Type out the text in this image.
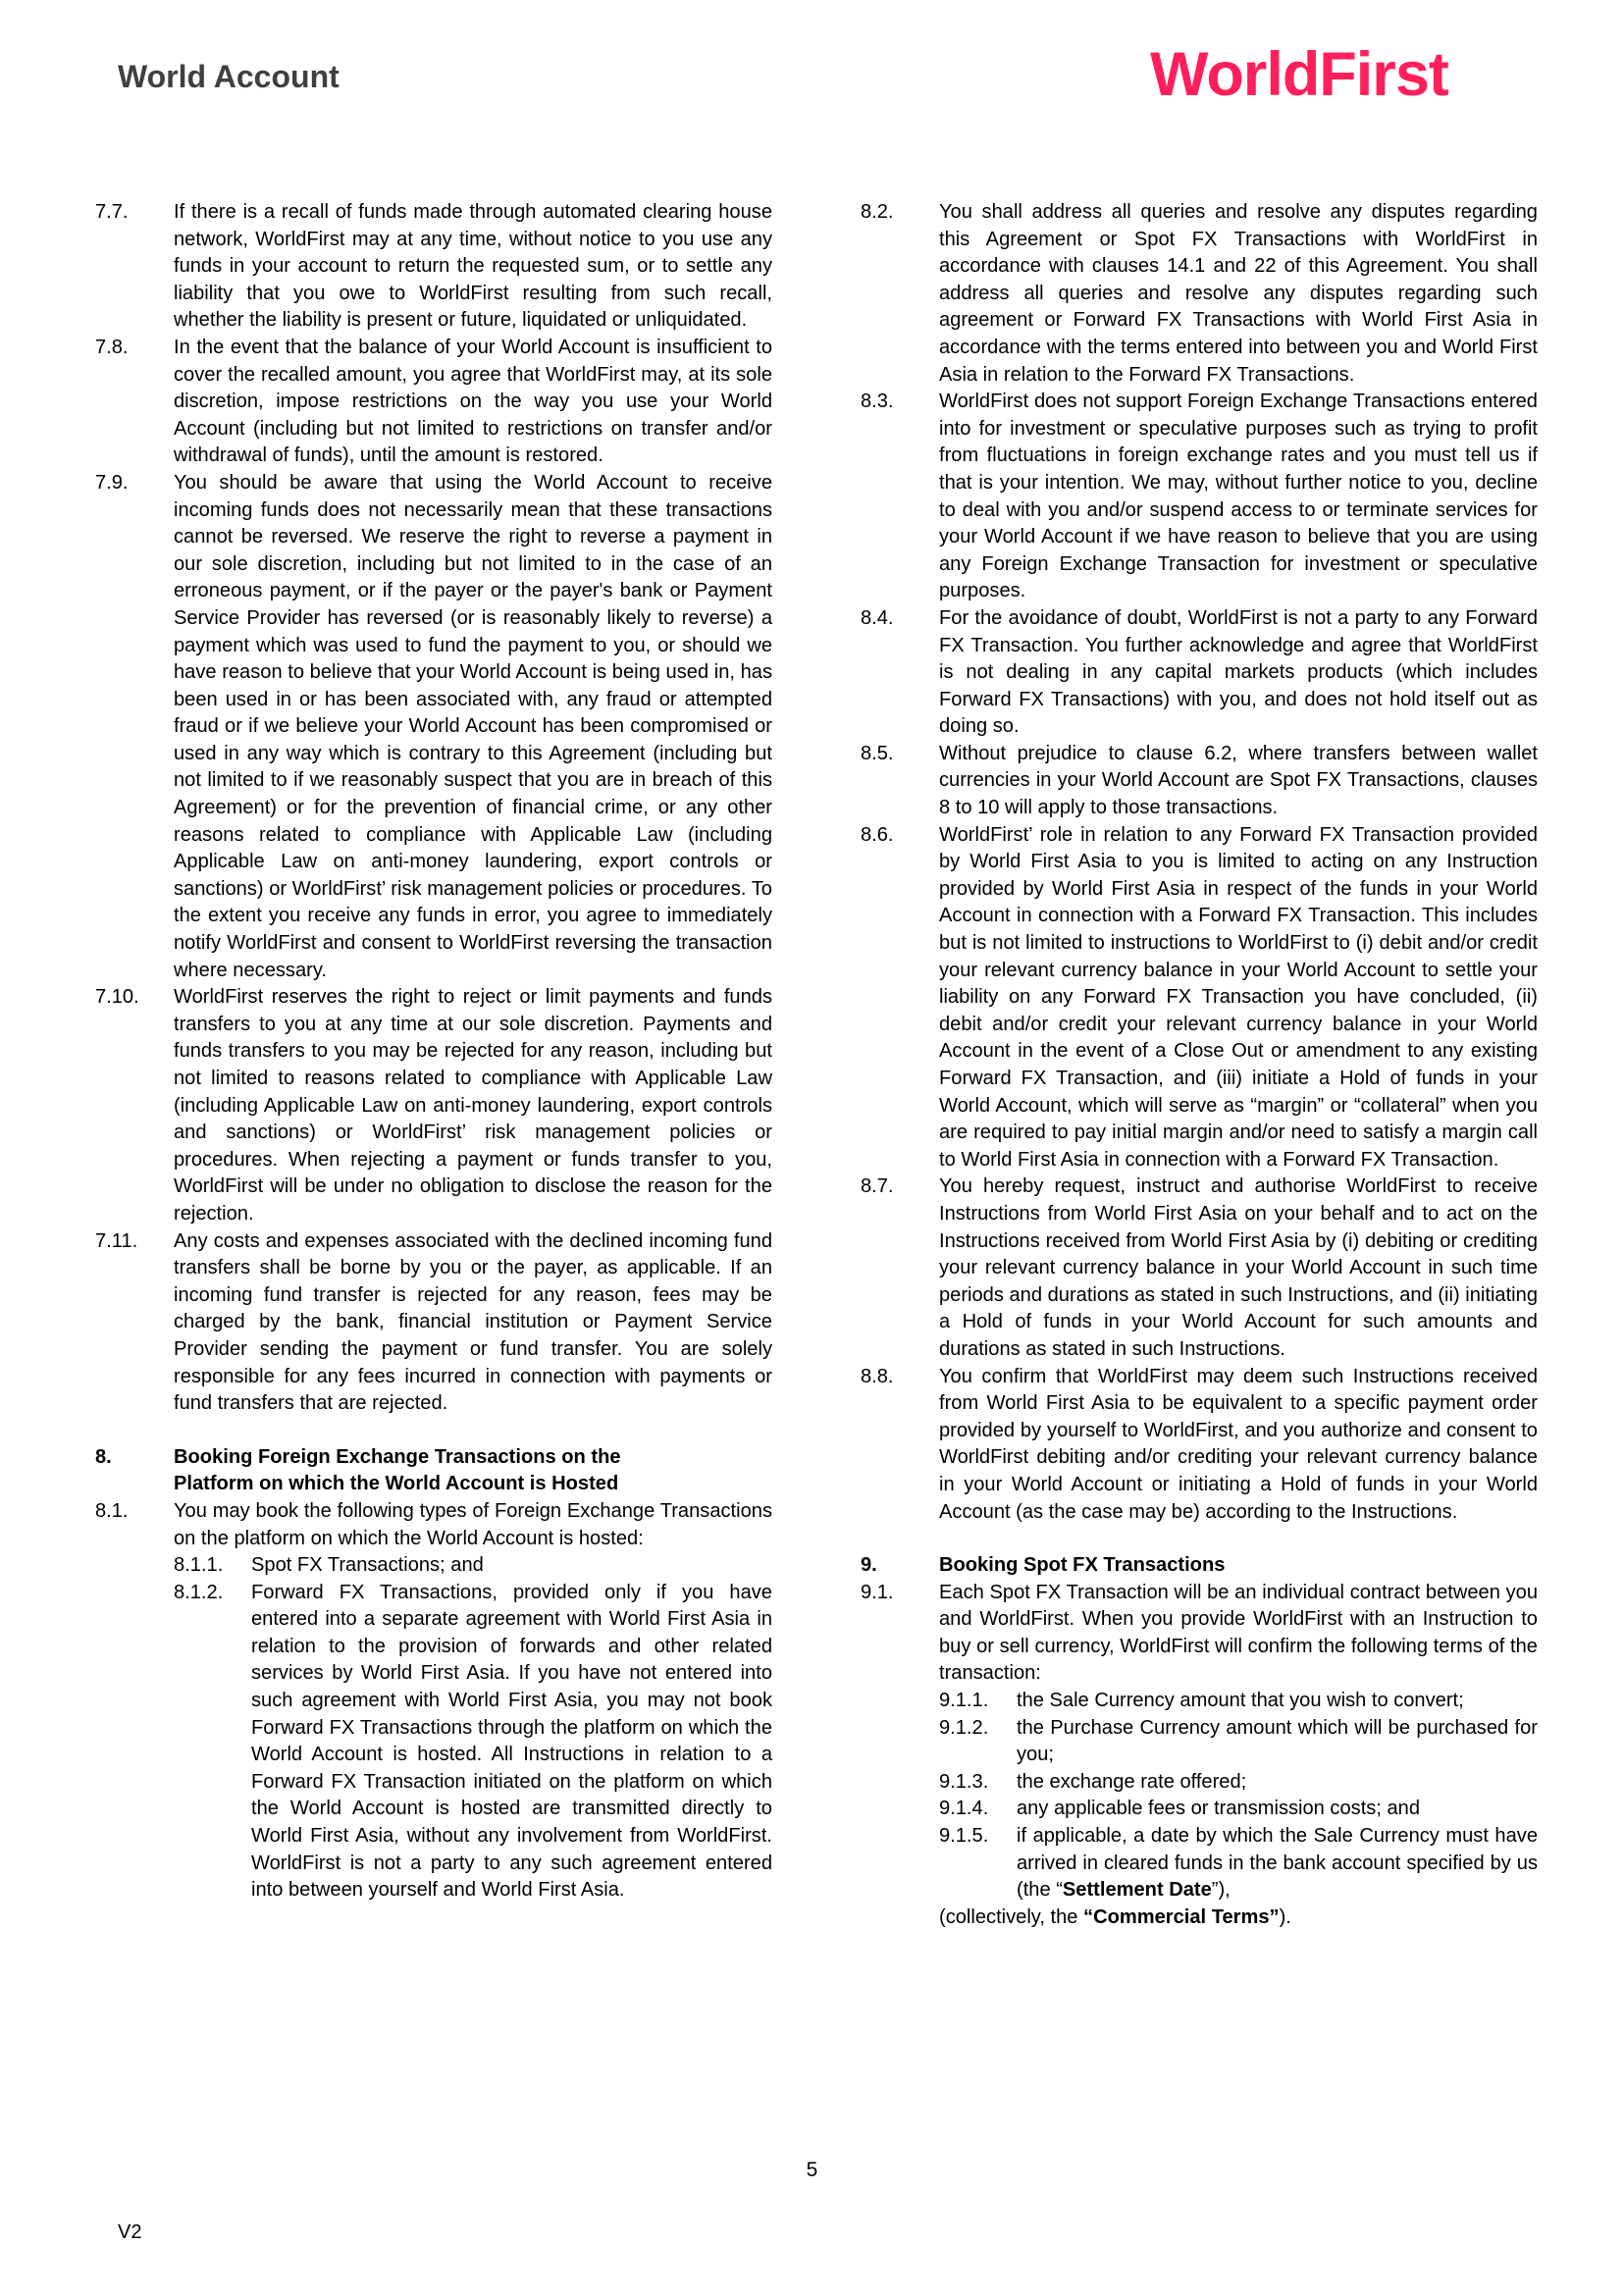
World Account	WorldFirst
7.7.	If there is a recall of funds made through automated clearing house network, WorldFirst may at any time, without notice to you use any funds in your account to return the requested sum, or to settle any liability that you owe to WorldFirst resulting from such recall, whether the liability is present or future, liquidated or unliquidated.
7.8.	In the event that the balance of your World Account is insufficient to cover the recalled amount, you agree that WorldFirst may, at its sole discretion, impose restrictions on the way you use your World Account (including but not limited to restrictions on transfer and/or withdrawal of funds), until the amount is restored.
7.9.	You should be aware that using the World Account to receive incoming funds does not necessarily mean that these transactions cannot be reversed. We reserve the right to reverse a payment in our sole discretion, including but not limited to in the case of an erroneous payment, or if the payer or the payer's bank or Payment Service Provider has reversed (or is reasonably likely to reverse) a payment which was used to fund the payment to you, or should we have reason to believe that your World Account is being used in, has been used in or has been associated with, any fraud or attempted fraud or if we believe your World Account has been compromised or used in any way which is contrary to this Agreement (including but not limited to if we reasonably suspect that you are in breach of this Agreement) or for the prevention of financial crime, or any other reasons related to compliance with Applicable Law (including Applicable Law on anti-money laundering, export controls or sanctions) or WorldFirst’ risk management policies or procedures. To the extent you receive any funds in error, you agree to immediately notify WorldFirst and consent to WorldFirst reversing the transaction where necessary.
7.10.	WorldFirst reserves the right to reject or limit payments and funds transfers to you at any time at our sole discretion. Payments and funds transfers to you may be rejected for any reason, including but not limited to reasons related to compliance with Applicable Law (including Applicable Law on anti-money laundering, export controls and sanctions) or WorldFirst’ risk management policies or procedures. When rejecting a payment or funds transfer to you, WorldFirst will be under no obligation to disclose the reason for the rejection.
7.11.	Any costs and expenses associated with the declined incoming fund transfers shall be borne by you or the payer, as applicable. If an incoming fund transfer is rejected for any reason, fees may be charged by the bank, financial institution or Payment Service Provider sending the payment or fund transfer. You are solely responsible for any fees incurred in connection with payments or fund transfers that are rejected.
8.	Booking Foreign Exchange Transactions on the
Platform on which the World Account is Hosted
8.1.	You may book the following types of Foreign Exchange Transactions on the platform on which the World Account is hosted:
8.1.1.	Spot FX Transactions; and
8.1.2.	Forward FX Transactions, provided only if you have entered into a separate agreement with World First Asia in relation to the provision of forwards and other related services by World First Asia. If you have not entered into such agreement with World First Asia, you may not book Forward FX Transactions through the platform on which the World Account is hosted. All Instructions in relation to a Forward FX Transaction initiated on the platform on which the World Account is hosted are transmitted directly to World First Asia, without any involvement from WorldFirst. WorldFirst is not a party to any such agreement entered into between yourself and World First Asia.
8.2.	You shall address all queries and resolve any disputes regarding this Agreement or Spot FX Transactions with WorldFirst in accordance with clauses 14.1 and 22 of this Agreement. You shall address all queries and resolve any disputes regarding such agreement or Forward FX Transactions with World First Asia in accordance with the terms entered into between you and World First Asia in relation to the Forward FX Transactions.
8.3.	WorldFirst does not support Foreign Exchange Transactions entered into for investment or speculative purposes such as trying to profit from fluctuations in foreign exchange rates and you must tell us if that is your intention. We may, without further notice to you, decline to deal with you and/or suspend access to or terminate services for your World Account if we have reason to believe that you are using any Foreign Exchange Transaction for investment or speculative purposes.
8.4.	For the avoidance of doubt, WorldFirst is not a party to any Forward FX Transaction. You further acknowledge and agree that WorldFirst is not dealing in any capital markets products (which includes Forward FX Transactions) with you, and does not hold itself out as doing so.
8.5.	Without prejudice to clause 6.2, where transfers between wallet currencies in your World Account are Spot FX Transactions, clauses 8 to 10 will apply to those transactions.
8.6.	WorldFirst’ role in relation to any Forward FX Transaction provided by World First Asia to you is limited to acting on any Instruction provided by World First Asia in respect of the funds in your World Account in connection with a Forward FX Transaction. This includes but is not limited to instructions to WorldFirst to (i) debit and/or credit your relevant currency balance in your World Account to settle your liability on any Forward FX Transaction you have concluded, (ii) debit and/or credit your relevant currency balance in your World Account in the event of a Close Out or amendment to any existing Forward FX Transaction, and (iii) initiate a Hold of funds in your World Account, which will serve as “margin” or “collateral” when you are required to pay initial margin and/or need to satisfy a margin call to World First Asia in connection with a Forward FX Transaction.
8.7.	You hereby request, instruct and authorise WorldFirst to receive Instructions from World First Asia on your behalf and to act on the Instructions received from World First Asia by (i) debiting or crediting your relevant currency balance in your World Account in such time periods and durations as stated in such Instructions, and (ii) initiating a Hold of funds in your World Account for such amounts and durations as stated in such Instructions.
8.8.	You confirm that WorldFirst may deem such Instructions received from World First Asia to be equivalent to a specific payment order provided by yourself to WorldFirst, and you authorize and consent to WorldFirst debiting and/or crediting your relevant currency balance in your World Account or initiating a Hold of funds in your World Account (as the case may be) according to the Instructions.
9.	Booking Spot FX Transactions
9.1.	Each Spot FX Transaction will be an individual contract between you and WorldFirst. When you provide WorldFirst with an Instruction to buy or sell currency, WorldFirst will confirm the following terms of the transaction:
9.1.1.	the Sale Currency amount that you wish to convert;
9.1.2.	the Purchase Currency amount which will be purchased for you;
9.1.3.	the exchange rate offered;
9.1.4.	any applicable fees or transmission costs; and
9.1.5.	if applicable, a date by which the Sale Currency must have arrived in cleared funds in the bank account specified by us (the “Settlement Date”),
(collectively, the “Commercial Terms”).
5
V2
